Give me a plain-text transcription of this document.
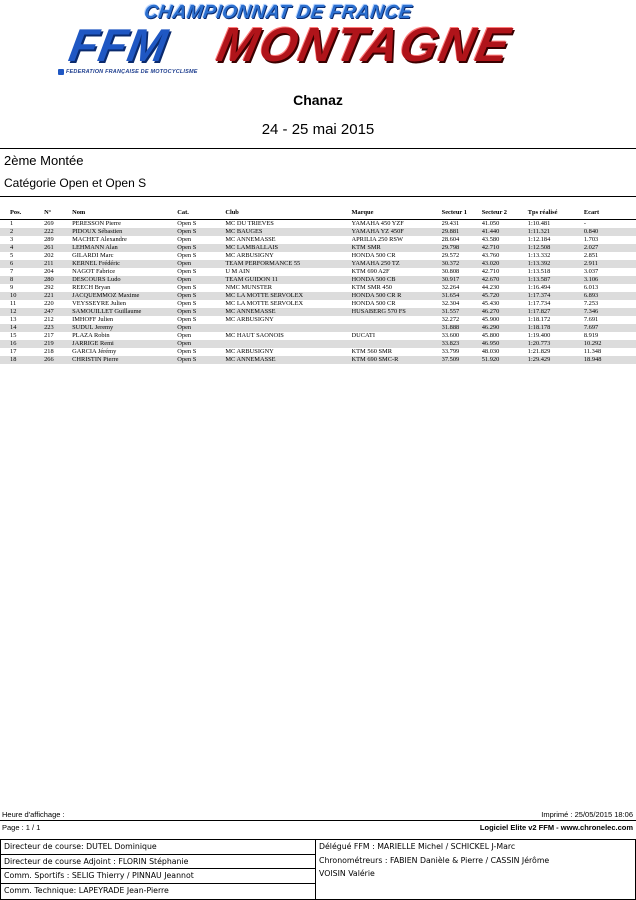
CHAMPIONNAT DE FRANCE
FFM MONTAGNE
FEDERATION FRANÇAISE DE MOTOCYCLISME
Chanaz
24 - 25 mai 2015
2ème Montée
Catégorie Open et Open S
Pos.	N°	Nom	Cat.	Club	Marque	Secteur 1	Secteur 2	Tps réalisé	Ecart
1	269	PERESSON Pierre	Open S	MC DU TRIEVES	YAMAHA 450 YZF	29.431	41.050	1:10.481	-
2	222	PIDOUX Sébastien	Open S	MC BAUGES	YAMAHA YZ 450F	29.881	41.440	1:11.321	0.840
3	289	MACHET Alexandre	Open	MC ANNEMASSE	APRILIA 250 RSW	28.604	43.580	1:12.184	1.703
4	261	LEHMANN Alan	Open S	MC LAMBALLAIS	KTM SMR	29.798	42.710	1:12.508	2.027
5	202	GILARDI Marc	Open S	MC ARBUSIGNY	HONDA 500 CR	29.572	43.760	1:13.332	2.851
6	211	KERNEL Frédéric	Open	TEAM PERFORMANCE 55	YAMAHA 250 TZ	30.372	43.020	1:13.392	2.911
7	204	NAGOT Fabrice	Open S	U M AIN	KTM 690 A2F	30.808	42.710	1:13.518	3.037
8	280	DESCOURS Ludo	Open	TEAM GUIDON 11	HONDA 500 CB	30.917	42.670	1:13.587	3.106
9	292	REECH Bryan	Open S	NMC MUNSTER	KTM SMR 450	32.264	44.230	1:16.494	6.013
10	221	JACQUEMMOZ Maxime	Open S	MC LA MOTTE SERVOLEX	HONDA 500 CR R	31.654	45.720	1:17.374	6.893
11	220	VEYSSEYRE Julien	Open S	MC LA MOTTE SERVOLEX	HONDA 500 CR	32.304	45.430	1:17.734	7.253
12	247	SAMOUILLET Guillaume	Open S	MC ANNEMASSE	HUSABERG 570 FS	31.557	46.270	1:17.827	7.346
13	212	IMHOFF Julien	Open S	MC ARBUSIGNY		32.272	45.900	1:18.172	7.691
14	223	SUDUL Jeremy	Open			31.888	46.290	1:18.178	7.697
15	217	PLAZA Robin	Open	MC HAUT SAONOIS	DUCATI	33.600	45.800	1:19.400	8.919
16	219	JARRIGE Remi	Open			33.823	46.950	1:20.773	10.292
17	218	GARCIA Jérémy	Open S	MC ARBUSIGNY	KTM 560 SMR	33.799	48.030	1:21.829	11.348
18	266	CHRISTIN Pierre	Open S	MC ANNEMASSE	KTM 690 SMC-R	37.509	51.920	1:29.429	18.948
Heure d'affichage :	Imprimé : 25/05/2015 18:06
Page : 1 / 1	Logiciel Elite v2 FFM - www.chronelec.com
Directeur de course: DUTEL Dominique
Directeur de course Adjoint : FLORIN Stéphanie
Comm. Sportifs : SELIG Thierry / PINNAU Jeannot
Comm. Technique: LAPEYRADE Jean-Pierre
Délégué FFM : MARIELLE Michel / SCHICKEL J-Marc
Chronométreurs : FABIEN Danièle & Pierre / CASSIN Jérôme
VOISIN Valérie
